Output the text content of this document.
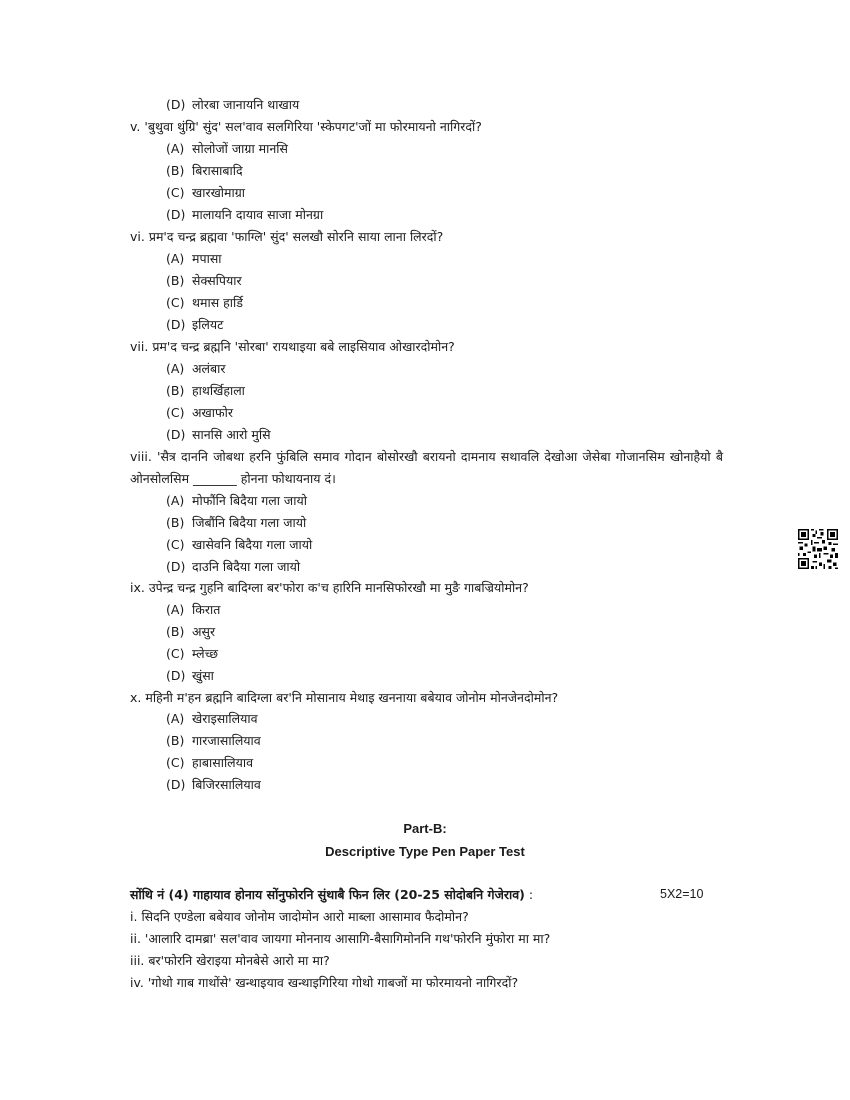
(D) लोरबा जानायनि थाखाय
v. 'बुथुवा थुंग्रि' सुंद' सल'वाव सलगिरिया 'स्केपगट'जों मा फोरमायनो नागिरदों?
(A) सोलोजों जाग्रा मानसि
(B) बिरासाबादि
(C) खारखोमाग्रा
(D) मालायनि दायाव साजा मोनग्रा
vi. प्रम'द चन्द्र ब्रह्मवा 'फाग्लि' सुंद' सलखौ सोरनि साया लाना लिरदों?
(A) मपासा
(B) सेक्सपियार
(C) थमास हार्डि
(D) इलियट
vii. प्रम'द चन्द्र ब्रह्मनि 'सोरबा' रायथाइया बबे लाइसियाव ओखारदोमोन?
(A) अलंबार
(B) हाथर्खिहाला
(C) अखाफोर
(D) सानसि आरो मुसि
viii. 'सैत्र दाननि जोबथा हरनि फुंबिलि समाव गोदान बोसोरखौ बरायनो दामनाय सथावलि देखोआ जेसेबा गोजानसिम खोनाहैयो बै ओनसोलसिम _______ होनना फोथायनाय दं।
(A) मोफौंनि बिदैया गला जायो
(B) जिबौंनि बिदैया गला जायो
(C) खासेवनि बिदैया गला जायो
(D) दाउनि बिदैया गला जायो
ix. उपेन्द्र चन्द्र गुहनि बादिग्ला बर'फोरा क'च हारिनि मानसिफोरखौ मा मुङै गाबज्रियोमोन?
(A) किरात
(B) असुर
(C) म्लेच्छ
(D) खुंसा
x. महिनी म'हन ब्रह्मनि बादिग्ला बर'नि मोसानाय मेथाइ खननाया बबेयाव जोनोम मोनजेनदोमोन?
(A) खेराइसालियाव
(B) गारजासालियाव
(C) हाबासालियाव
(D) बिजिरसालियाव
Part-B:
Descriptive Type Pen Paper Test
सोंथि नं (4) गाहायाव होनाय सोंनुफोरनि सुंथाबै फिन लिर (20-25 सोदोबनि गेजेराव) :	5X2=10
i. सिदनि एण्डेला बबेयाव जोनोम जादोमोन आरो माब्ला आसामाव फैदोमोन?
ii. 'आलारि दामब्रा' सल'वाव जायगा मोननाय आसागि-बैसागिमोननि गथ'फोरनि मुंफोरा मा मा?
iii. बर'फोरनि खेराइया मोनबेसे आरो मा मा?
iv. 'गोथो गाब गाथोंसे' खन्थाइयाव खन्थाइगिरिया गोथो गाबजों मा फोरमायनो नागिरदों?
